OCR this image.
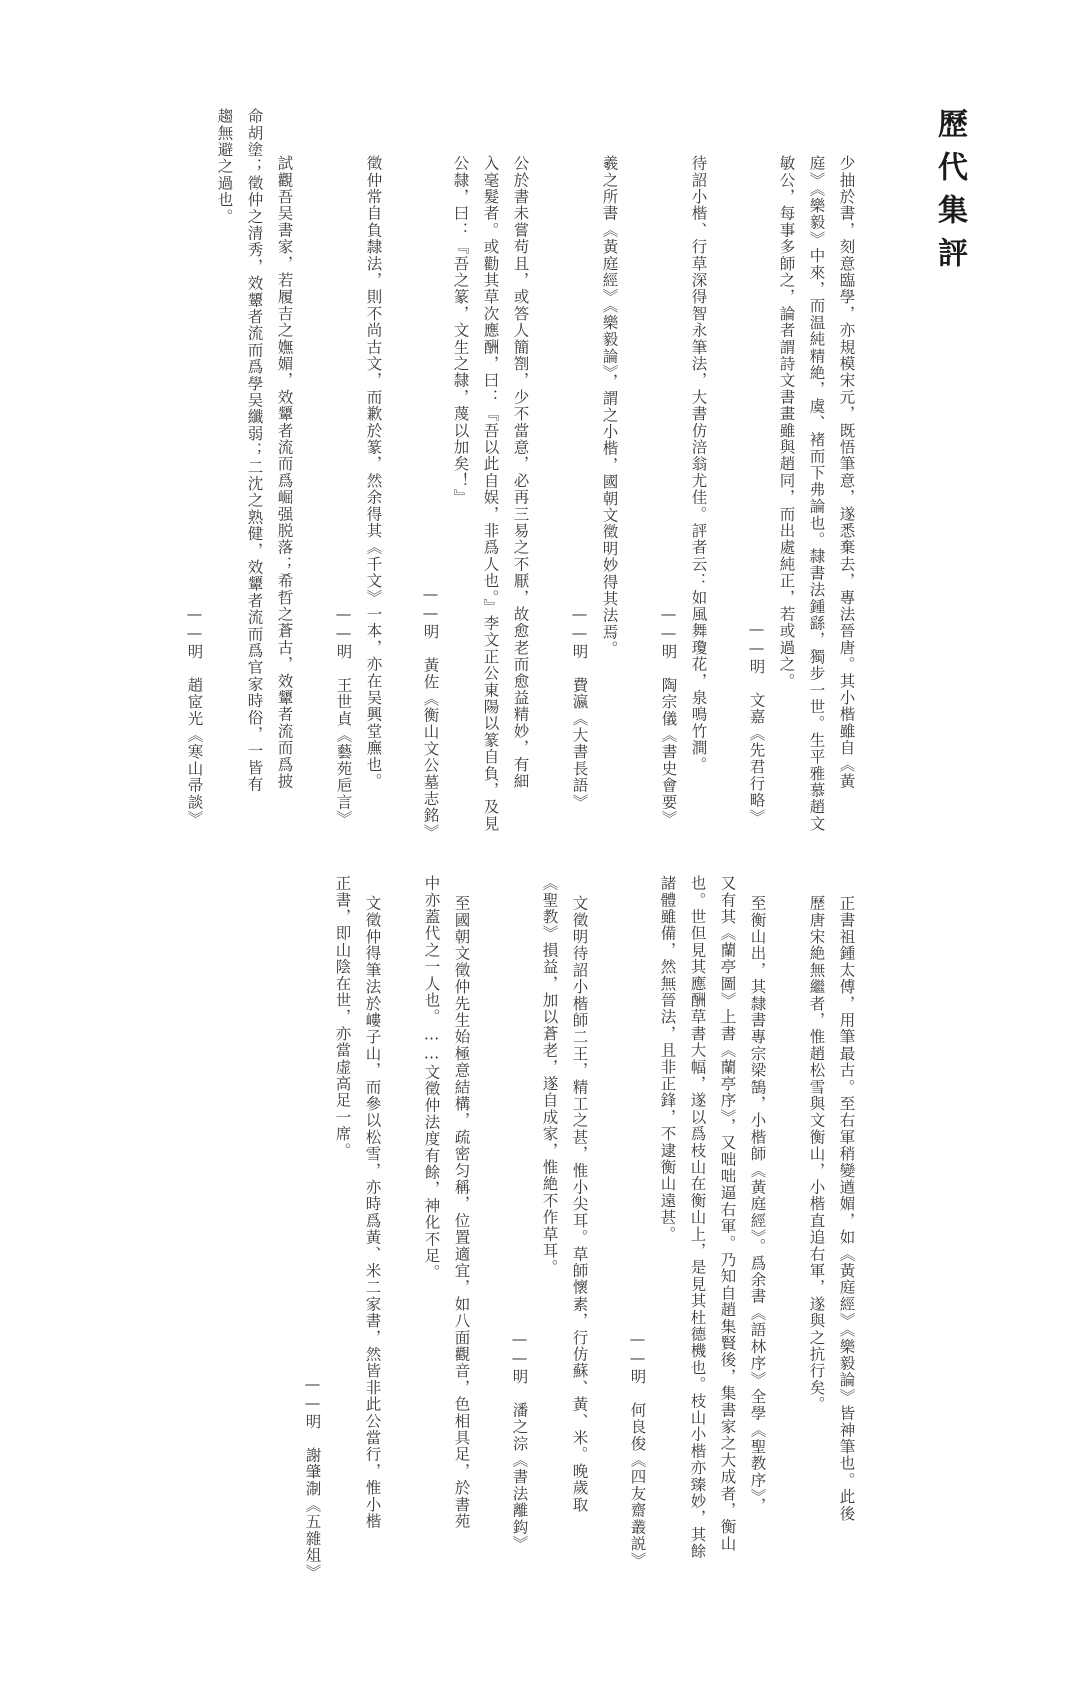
歷代集評
少抽於書，刻意臨學，亦規模宋元，既悟筆意，遂悉棄去，專法晉唐。其小楷雖自《黃
庭》《樂毅》中來，而温純精絶，虞、褚而下弗論也。隸書法鍾繇，獨步一世。生平雅慕趙文
敏公，每事多師之，論者謂詩文書畫雖與趙同，而出處純正，若或過之。
——明　文嘉《先君行略》
待詔小楷、行草深得智永筆法，大書仿涪翁尤佳。評者云：如風舞瓊花，泉鳴竹澗。
——明　陶宗儀《書史會要》
羲之所書《黃庭經》《樂毅論》，謂之小楷，國朝文徵明妙得其法焉。
——明　費瀛《大書長語》
公於書未嘗苟且，或答人簡劄，少不當意，必再三易之不厭，故愈老而愈益精妙，有細
入毫髮者。或勸其草次應酬，曰：『吾以此自娱，非爲人也。』李文正公東陽以篆自負，及見
公隸，曰：『吾之篆，文生之隸，蔑以加矣！』
——明　黃佐《衡山文公墓志銘》
徵仲常自負隸法，則不尚古文，而歉於篆，然余得其《千文》一本，亦在吴興堂廡也。
——明　王世貞《藝苑巵言》
試觀吾吴書家，若履吉之嫵媚，效顰者流而爲崛强脱落；希哲之蒼古，效顰者流而爲披
命胡塗；徵仲之清秀，效顰者流而爲學吴纖弱；二沈之熟健，效顰者流而爲官家時俗，一皆有
趨無避之過也。
——明　趙宧光《寒山帚談》
正書祖鍾太傅，用筆最古。至右軍稍變遒媚，如《黃庭經》《樂毅論》皆神筆也。此後
歷唐宋絶無繼者，惟趙松雪與文衡山，小楷直追右軍，遂與之抗行矣。
至衡山出，其隸書專宗梁鵠，小楷師《黃庭經》。爲余書《語林序》全學《聖教序》，
又有其《蘭亭圖》上書《蘭亭序》，又咄咄逼右軍。乃知自趙集賢後，集書家之大成者，衡山
也。世但見其應酬草書大幅，遂以爲枝山在衡山上，是見其杜德機也。枝山小楷亦臻妙，其餘
諸體雖備，然無晉法，且非正鋒，不逮衡山遠甚。
——明　何良俊《四友齋叢説》
文徵明待詔小楷師二王，精工之甚，惟小尖耳。草師懷素，行仿蘇、黃、米。晚歲取
《聖教》損益，加以蒼老，遂自成家，惟絶不作草耳。
——明　潘之淙《書法離鈎》
至國朝文徵仲先生始極意結構，疏密匀稱，位置適宜，如八面觀音，色相具足，於書苑
中亦蓋代之一人也。……文徵仲法度有餘，神化不足。
文徵仲得筆法於嶁子山，而參以松雪，亦時爲黃、米二家書，然皆非此公當行，惟小楷
正書，即山陰在世，亦當虚高足一席。
——明　謝肇淛《五雜俎》
